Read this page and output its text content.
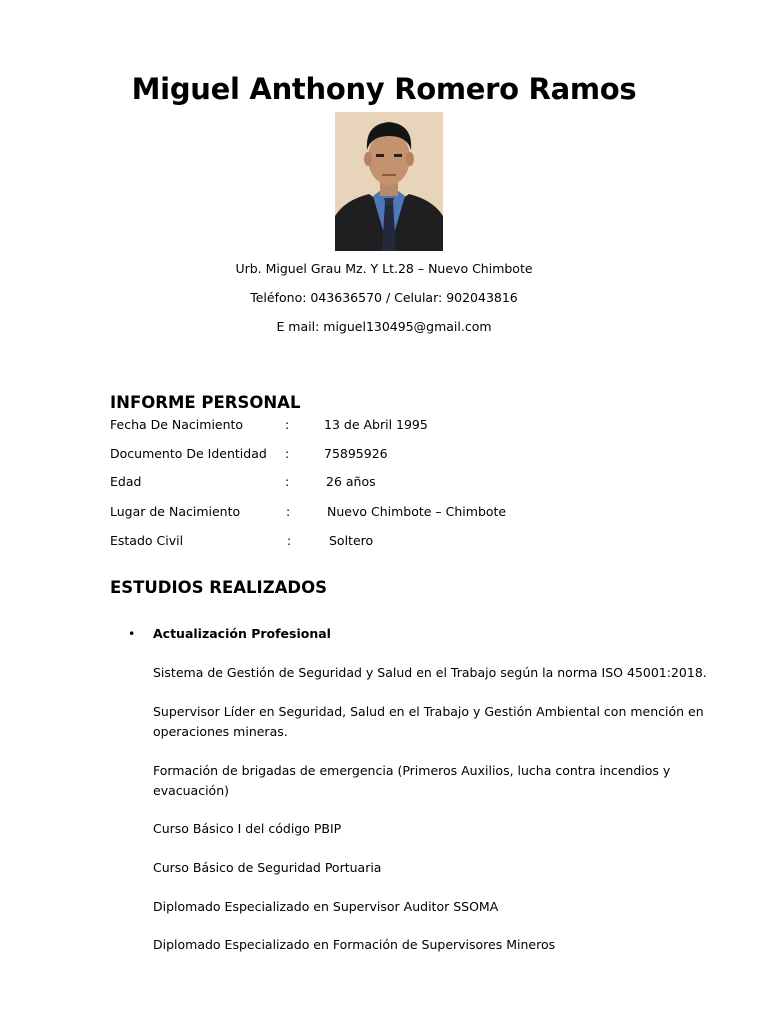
Miguel Anthony Romero Ramos
Urb. Miguel Grau Mz. Y Lt.28 – Nuevo Chimbote
Teléfono: 043636570 / Celular: 902043816
E mail: miguel130495@gmail.com
INFORME PERSONAL
Fecha De Nacimiento	:	13 de Abril 1995
Documento De Identidad :	75895926
Edad	:	26 años
Lugar de Nacimiento	:	Nuevo Chimbote – Chimbote
Estado Civil	:	Soltero
ESTUDIOS REALIZADOS
• Actualización Profesional
Sistema de Gestión de Seguridad y Salud en el Trabajo según la norma ISO 45001:2018.
Supervisor Líder en Seguridad, Salud en el Trabajo y Gestión Ambiental con mención en operaciones mineras.
Formación de brigadas de emergencia (Primeros Auxilios, lucha contra incendios y evacuación)
Curso Básico I del código PBIP
Curso Básico de Seguridad Portuaria
Diplomado Especializado en Supervisor Auditor SSOMA
Diplomado Especializado en Formación de Supervisores Mineros
